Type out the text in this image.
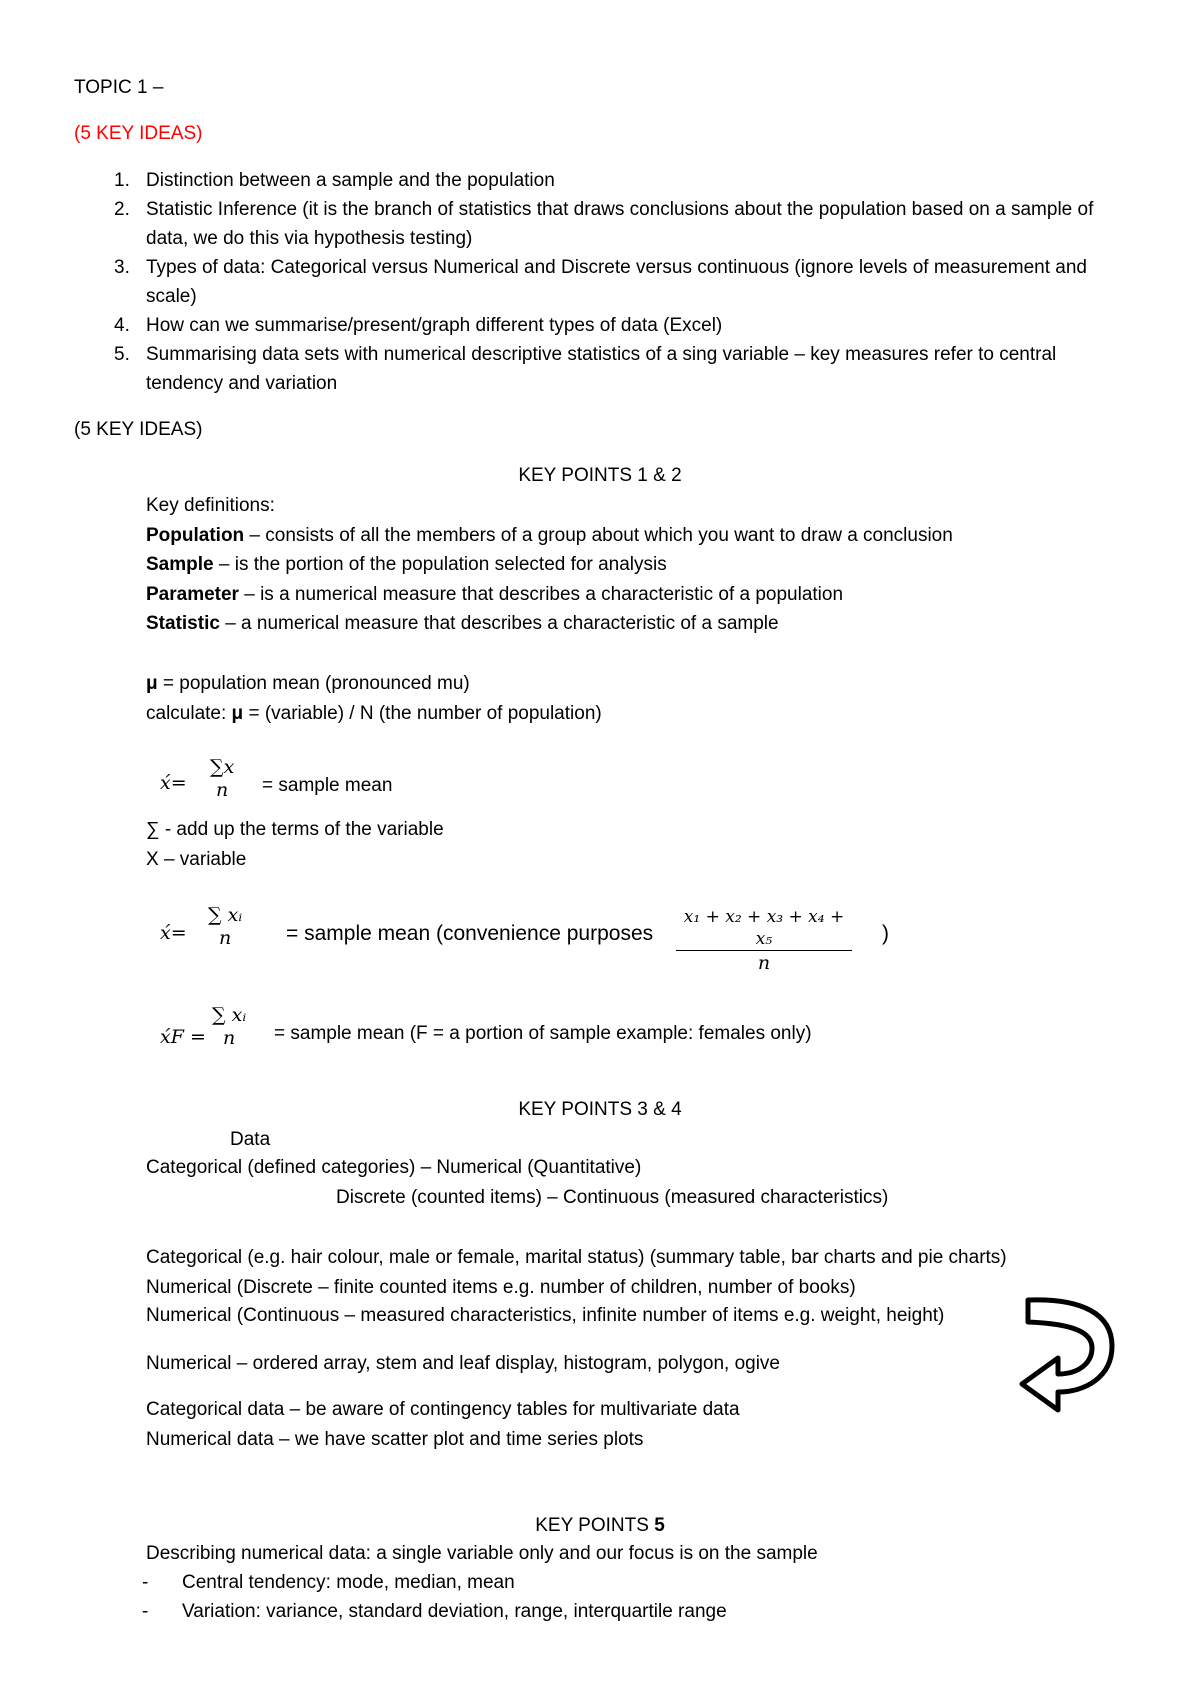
TOPIC 1 –
(5 KEY IDEAS)
1. Distinction between a sample and the population
2. Statistic Inference (it is the branch of statistics that draws conclusions about the population based on a sample of data, we do this via hypothesis testing)
3. Types of data: Categorical versus Numerical and Discrete versus continuous (ignore levels of measurement and scale)
4. How can we summarise/present/graph different types of data (Excel)
5. Summarising data sets with numerical descriptive statistics of a sing variable – key measures refer to central tendency and variation
(5 KEY IDEAS)
KEY POINTS 1 & 2
Key definitions:
Population – consists of all the members of a group about which you want to draw a conclusion
Sample – is the portion of the population selected for analysis
Parameter – is a numerical measure that describes a characteristic of a population
Statistic – a numerical measure that describes a characteristic of a sample
μ = population mean (pronounced mu)
calculate: μ = (variable) / N (the number of population)
x́=
∑x
n = sample mean
∑ - add up the terms of the variable
X – variable
x́=
∑ xᵢ
n	= sample mean (convenience purposes $\frac{\text{x₁ + x₂ + x₃ + x₄ + x₅}}{n}$ )
x́F =
∑ xᵢ
n = sample mean (F = a portion of sample example: females only)
KEY POINTS 3 & 4
Data
Categorical (defined categories) – Numerical (Quantitative)
Discrete (counted items) – Continuous (measured characteristics)
Categorical (e.g. hair colour, male or female, marital status) (summary table, bar charts and pie charts)
Numerical (Discrete – finite counted items e.g. number of children, number of books)
Numerical (Continuous – measured characteristics, infinite number of items e.g. weight, height)
Numerical – ordered array, stem and leaf display, histogram, polygon, ogive
Categorical data – be aware of contingency tables for multivariate data
Numerical data – we have scatter plot and time series plots
KEY POINTS 5
Describing numerical data: a single variable only and our focus is on the sample
- Central tendency: mode, median, mean
- Variation: variance, standard deviation, range, interquartile range
